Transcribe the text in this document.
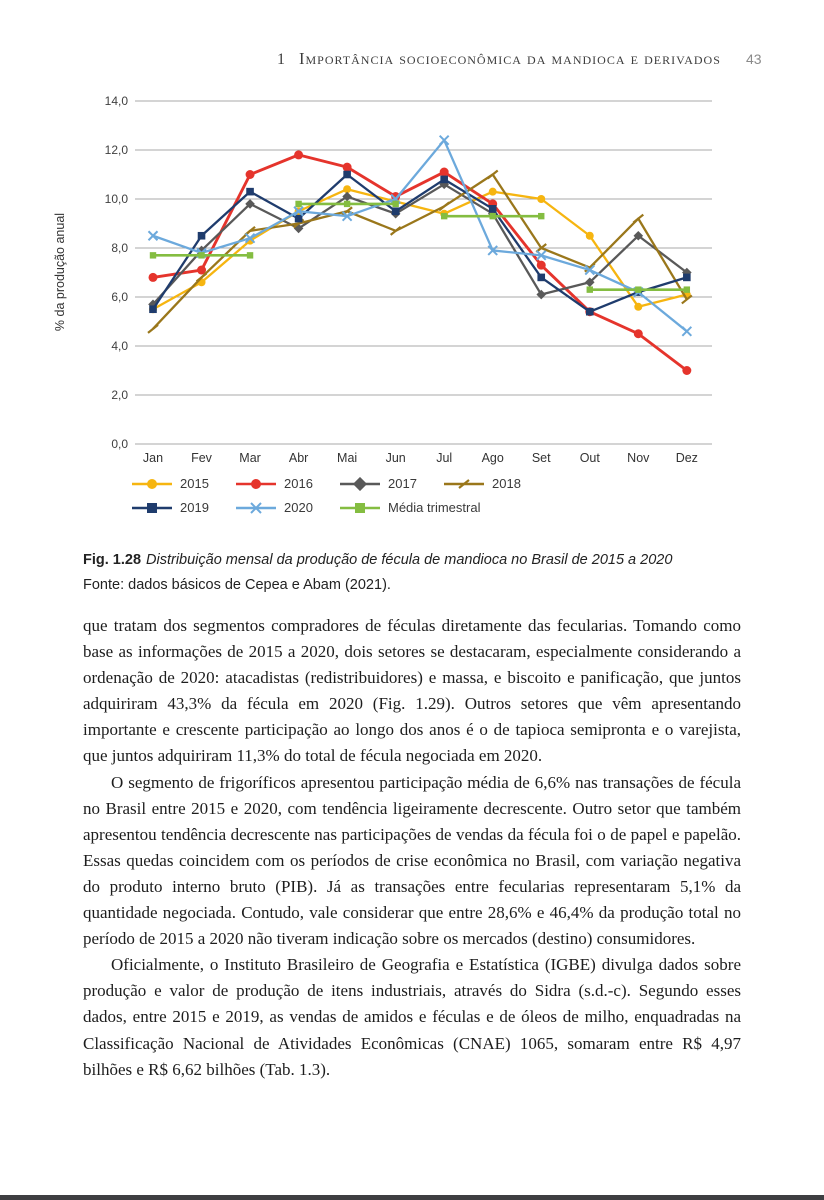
1 Importância socioeconômica da mandioca e derivados 43
0,0
2,0
4,0
6,0
8,0
10,0
12,0
14,0
Jan Fev Mar Abr Mai Jun Jul Ago Set Out Nov Dez
% da produção anual
2015	2016	2017	2018
2019	2020	Média trimestral
Fig. 1.28 Distribuição mensal da produção de fécula de mandioca no Brasil de 2015 a 2020
Fonte: dados básicos de Cepea e Abam (2021).

que tratam dos segmentos compradores de féculas diretamente das fecularias. Tomando como base as informações de 2015 a 2020, dois setores se destacaram, especialmente considerando a ordenação de 2020: atacadistas (redistribuidores) e massa, e biscoito e panificação, que juntos adquiriram 43,3% da fécula em 2020 (Fig. 1.29). Outros setores que vêm apresentando importante e crescente participação ao longo dos anos é o de tapioca semipronta e o varejista, que juntos adquiriram 11,3% do total de fécula negociada em 2020.

O segmento de frigoríficos apresentou participação média de 6,6% nas transações de fécula no Brasil entre 2015 e 2020, com tendência ligeiramente decrescente. Outro setor que também apresentou tendência decrescente nas participações de vendas da fécula foi o de papel e papelão. Essas quedas coincidem com os períodos de crise econômica no Brasil, com variação negativa do produto interno bruto (PIB). Já as transações entre fecularias representaram 5,1% da quantidade negociada. Contudo, vale considerar que entre 28,6% e 46,4% da produção total no período de 2015 a 2020 não tiveram indicação sobre os mercados (destino) consumidores.

Oficialmente, o Instituto Brasileiro de Geografia e Estatística (IGBE) divulga dados sobre produção e valor de produção de itens industriais, através do Sidra (s.d.-c). Segundo esses dados, entre 2015 e 2019, as vendas de amidos e féculas e de óleos de milho, enquadradas na Classificação Nacional de Atividades Econômicas (CNAE) 1065, somaram entre R$ 4,97 bilhões e R$ 6,62 bilhões (Tab. 1.3).
